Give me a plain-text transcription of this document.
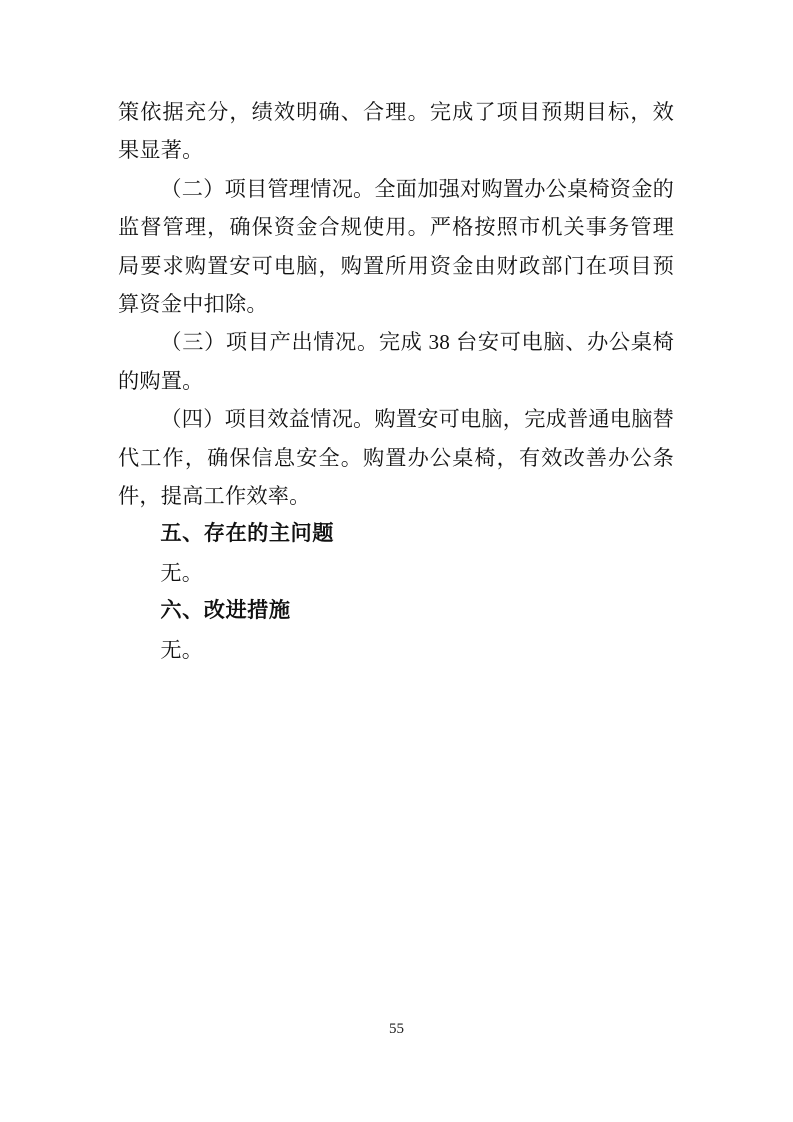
策依据充分，绩效明确、合理。完成了项目预期目标，效果显著。

（二）项目管理情况。全面加强对购置办公桌椅资金的监督管理，确保资金合规使用。严格按照市机关事务管理局要求购置安可电脑，购置所用资金由财政部门在项目预算资金中扣除。

（三）项目产出情况。完成 38 台安可电脑、办公桌椅的购置。

（四）项目效益情况。购置安可电脑，完成普通电脑替代工作，确保信息安全。购置办公桌椅，有效改善办公条件，提高工作效率。

五、存在的主问题

无。

六、改进措施

无。

55
